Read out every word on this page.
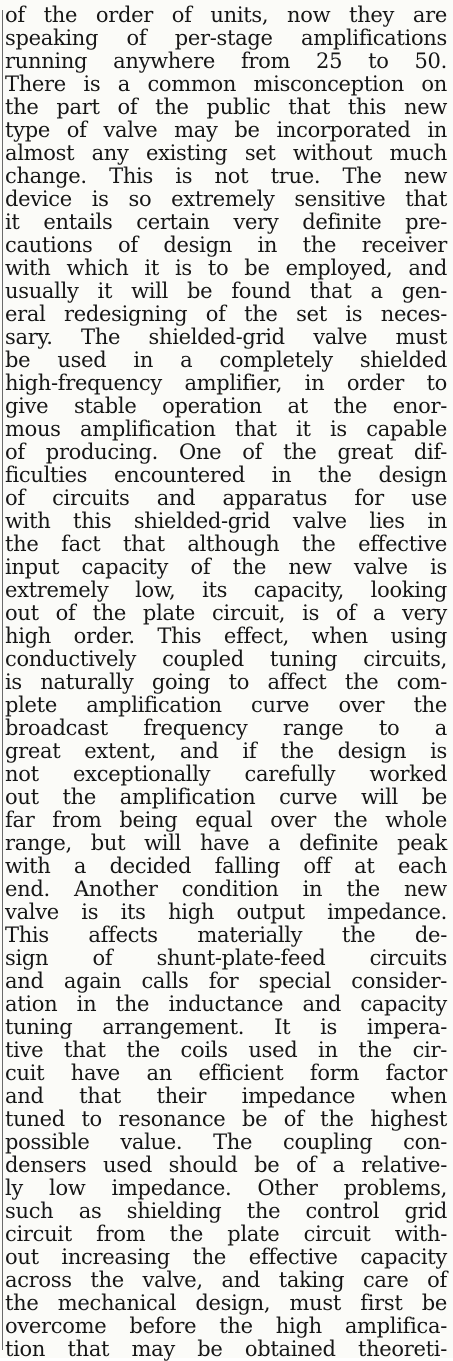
of the order of units, now they are
speaking of per-stage amplifications
running anywhere from 25 to 50.
There is a common misconception on
the part of the public that this new
type of valve may be incorporated in
almost any existing set without much
change. This is not true. The new
device is so extremely sensitive that
it entails certain very definite pre-
cautions of design in the receiver
with which it is to be employed, and
usually it will be found that a gen-
eral redesigning of the set is neces-
sary. The shielded-grid valve must
be used in a completely shielded
high-frequency amplifier, in order to
give stable operation at the enor-
mous amplification that it is capable
of producing. One of the great dif-
ficulties encountered in the design
of circuits and apparatus for use
with this shielded-grid valve lies in
the fact that although the effective
input capacity of the new valve is
extremely low, its capacity, looking
out of the plate circuit, is of a very
high order. This effect, when using
conductively coupled tuning circuits,
is naturally going to affect the com-
plete amplification curve over the
broadcast frequency range to a
great extent, and if the design is
not exceptionally carefully worked
out the amplification curve will be
far from being equal over the whole
range, but will have a definite peak
with a decided falling off at each
end. Another condition in the new
valve is its high output impedance.
This affects materially the de-
sign of shunt-plate-feed circuits
and again calls for special consider-
ation in the inductance and capacity
tuning arrangement. It is impera-
tive that the coils used in the cir-
cuit have an efficient form factor
and that their impedance when
tuned to resonance be of the highest
possible value. The coupling con-
densers used should be of a relative-
ly low impedance. Other problems,
such as shielding the control grid
circuit from the plate circuit with-
out increasing the effective capacity
across the valve, and taking care of
the mechanical design, must first be
overcome before the high amplifica-
tion that may be obtained theoreti-
